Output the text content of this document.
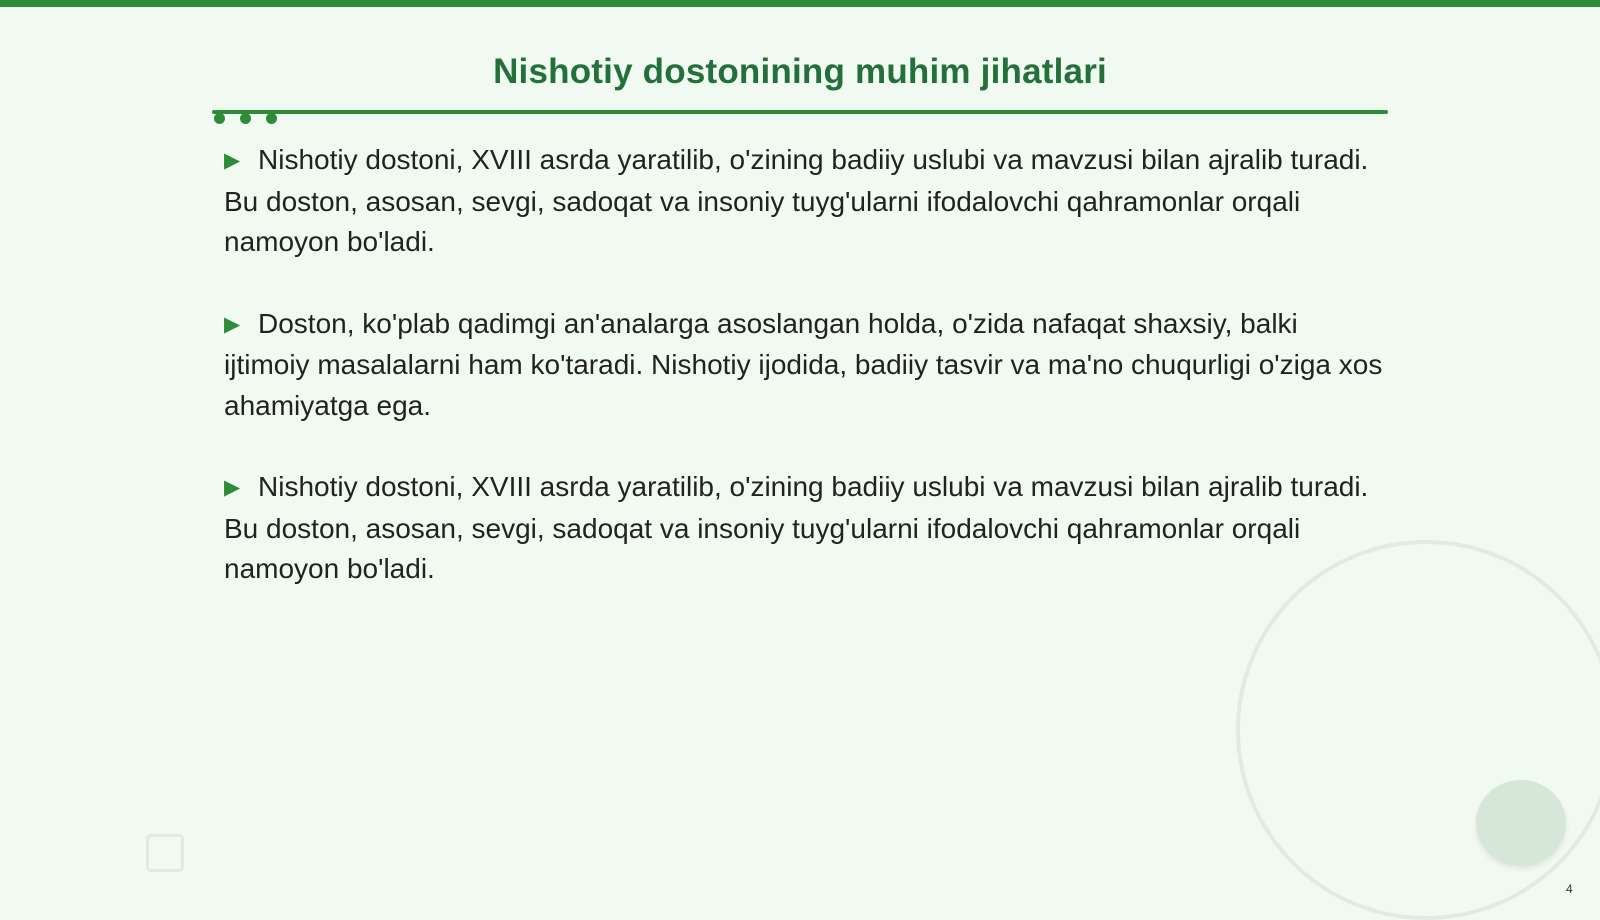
Nishotiy dostonining muhim jihatlari

▶ Nishotiy dostoni, XVIII asrda yaratilib, o'zining badiiy uslubi va mavzusi bilan ajralib turadi. Bu doston, asosan, sevgi, sadoqat va insoniy tuyg'ularni ifodalovchi qahramonlar orqali namoyon bo'ladi.

▶ Doston, ko'plab qadimgi an'analarga asoslangan holda, o'zida nafaqat shaxsiy, balki ijtimoiy masalalarni ham ko'taradi. Nishotiy ijodida, badiiy tasvir va ma'no chuqurligi o'ziga xos ahamiyatga ega.

▶ Nishotiy dostoni, XVIII asrda yaratilib, o'zining badiiy uslubi va mavzusi bilan ajralib turadi. Bu doston, asosan, sevgi, sadoqat va insoniy tuyg'ularni ifodalovchi qahramonlar orqali namoyon bo'ladi.

4
